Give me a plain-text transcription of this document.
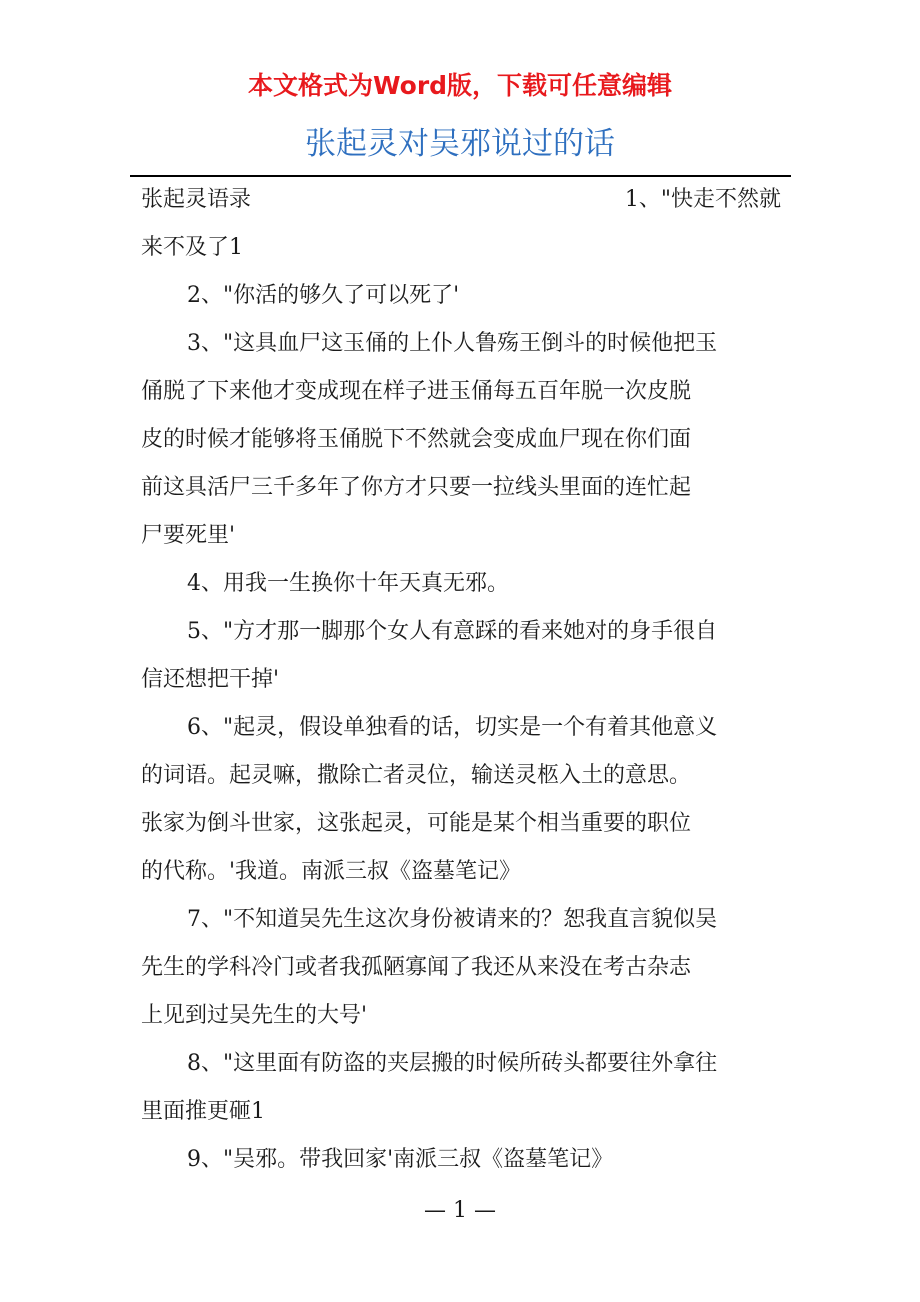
本文格式为Word版，下载可任意编辑
张起灵对吴邪说过的话
张起灵语录	1、"快走不然就

来不及了1

2、"你活的够久了可以死了'
3、"这具血尸这玉俑的上仆人鲁殇王倒斗的时候他把玉
俑脱了下来他才变成现在样子进玉俑每五百年脱一次皮脱
皮的时候才能够将玉俑脱下不然就会变成血尸现在你们面
前这具活尸三千多年了你方才只要一拉线头里面的连忙起
尸要死里'
4、用我一生换你十年天真无邪。
5、"方才那一脚那个女人有意踩的看来她对的身手很自
信还想把干掉'
6、"起灵，假设单独看的话，切实是一个有着其他意义
的词语。起灵嘛，撒除亡者灵位，输送灵柩入土的意思。
张家为倒斗世家，这张起灵，可能是某个相当重要的职位
的代称。'我道。南派三叔《盗墓笔记》
7、"不知道吴先生这次身份被请来的？恕我直言貌似吴
先生的学科冷门或者我孤陋寡闻了我还从来没在考古杂志
上见到过吴先生的大号'
8、"这里面有防盗的夹层搬的时候所砖头都要往外拿往
里面推更砸1
9、"吴邪。带我回家'南派三叔《盗墓笔记》
— 1 —
